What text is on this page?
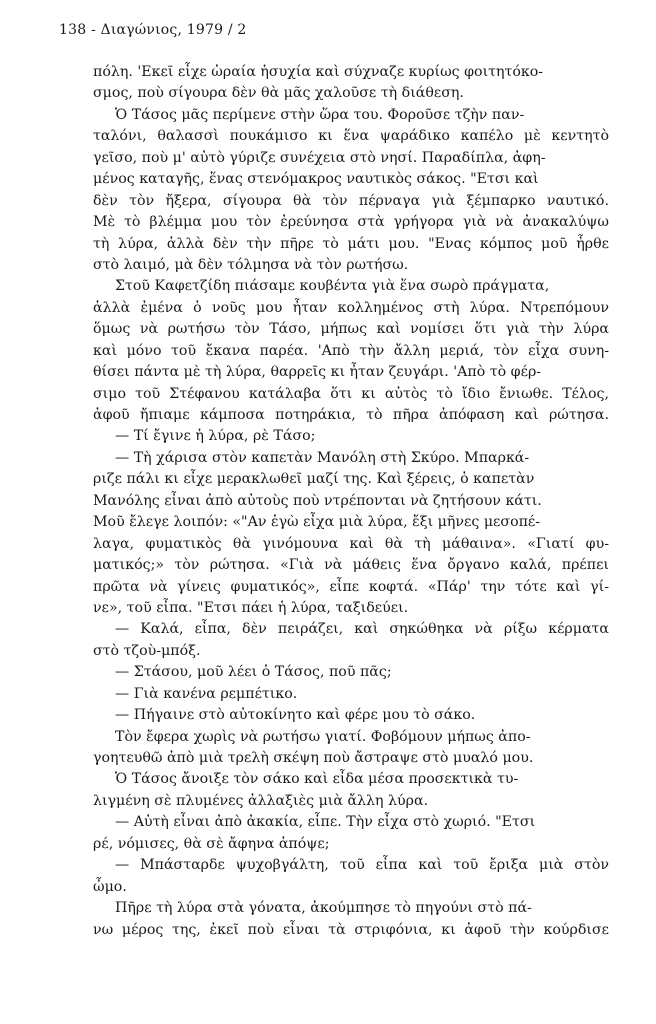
138 - Διαγώνιος, 1979 / 2
πόλη. 'Εκεῖ εἶχε ὡραία ἡσυχία καὶ σύχναζε κυρίως φοιτητόκο-
σμος, ποὺ σίγουρα δὲν θὰ μᾶς χαλοῦσε τὴ διάθεση.
Ὁ Τάσος μᾶς περίμενε στὴν ὥρα του. Φοροῦσε τζὴν παν-
ταλόνι, θαλασσὶ πουκάμισο κι ἕνα ψαράδικο καπέλο μὲ κεντητὸ
γεῖσο, ποὺ μ' αὐτὸ γύριζε συνέχεια στὸ νησί. Παραδίπλα, ἀφη-
μένος καταγῆς, ἕνας στενόμακρος ναυτικὸς σάκος. "Ετσι καὶ
δὲν τὸν ἤξερα, σίγουρα θὰ τὸν πέρναγα γιὰ ξέμπαρκο ναυτικό.
Μὲ τὸ βλέμμα μου τὸν ἐρεύνησα στὰ γρήγορα γιὰ νὰ ἀνακαλύψω
τὴ λύρα, ἀλλὰ δὲν τὴν πῆρε τὸ μάτι μου. "Ενας κόμπος μοῦ ἦρθε
στὸ λαιμό, μὰ δὲν τόλμησα νὰ τὸν ρωτήσω.
Στοῦ Καφετζίδη πιάσαμε κουβέντα γιὰ ἕνα σωρὸ πράγματα,
ἀλλὰ ἐμένα ὁ νοῦς μου ἦταν κολλημένος στὴ λύρα. Ντρεπόμουν
ὅμως νὰ ρωτήσω τὸν Τάσο, μήπως καὶ νομίσει ὅτι γιὰ τὴν λύρα
καὶ μόνο τοῦ ἔκανα παρέα. 'Απὸ τὴν ἄλλη μεριά, τὸν εἶχα συνη-
θίσει πάντα μὲ τὴ λύρα, θαρρεῖς κι ἦταν ζευγάρι. 'Απὸ τὸ φέρ-
σιμο τοῦ Στέφανου κατάλαβα ὅτι κι αὐτὸς τὸ ἴδιο ἔνιωθε. Τέλος,
ἀφοῦ ἤπιαμε κάμποσα ποτηράκια, τὸ πῆρα ἀπόφαση καὶ ρώτησα.
— Τί ἔγινε ἡ λύρα, ρὲ Τάσο;
— Τὴ χάρισα στὸν καπετὰν Μανόλη στὴ Σκύρο. Μπαρκά-
ριζε πάλι κι εἶχε μερακλωθεῖ μαζί της. Καὶ ξέρεις, ὁ καπετὰν
Μανόλης εἶναι ἀπὸ αὐτοὺς ποὺ ντρέπονται νὰ ζητήσουν κάτι.
Μοῦ ἔλεγε λοιπόν: «"Αν ἐγὼ εἶχα μιὰ λύρα, ἔξι μῆνες μεσοπέ-
λαγα, φυματικὸς θὰ γινόμουνα καὶ θὰ τὴ μάθαινα». «Γιατί φυ-
ματικός;» τὸν ρώτησα. «Γιὰ νὰ μάθεις ἕνα ὄργανο καλά, πρέπει
πρῶτα νὰ γίνεις φυματικός», εἶπε κοφτά. «Πάρ' την τότε καὶ γί-
νε», τοῦ εἶπα. "Ετσι πάει ἡ λύρα, ταξιδεύει.
— Καλά, εἶπα, δὲν πειράζει, καὶ σηκώθηκα νὰ ρίξω κέρματα
στὸ τζοὺ-μπόξ.
— Στάσου, μοῦ λέει ὁ Τάσος, ποῦ πᾶς;
— Γιὰ κανένα ρεμπέτικο.
— Πήγαινε στὸ αὐτοκίνητο καὶ φέρε μου τὸ σάκο.
Τὸν ἔφερα χωρὶς νὰ ρωτήσω γιατί. Φοβόμουν μήπως ἀπο-
γοητευθῶ ἀπὸ μιὰ τρελὴ σκέψη ποὺ ἄστραψε στὸ μυαλό μου.
Ὁ Τάσος ἄνοιξε τὸν σάκο καὶ εἶδα μέσα προσεκτικὰ τυ-
λιγμένη σὲ πλυμένες ἀλλαξιὲς μιὰ ἄλλη λύρα.
— Αὐτὴ εἶναι ἀπὸ ἀκακία, εἶπε. Τὴν εἶχα στὸ χωριό. "Ετσι
ρέ, νόμισες, θὰ σὲ ἄφηνα ἀπόψε;
— Μπάσταρδε ψυχοβγάλτη, τοῦ εἶπα καὶ τοῦ ἔριξα μιὰ στὸν
ὦμο.
Πῆρε τὴ λύρα στὰ γόνατα, ἀκούμπησε τὸ πηγούνι στὸ πά-
νω μέρος της, ἐκεῖ ποὺ εἶναι τὰ στριφόνια, κι ἀφοῦ τὴν κούρδισε
